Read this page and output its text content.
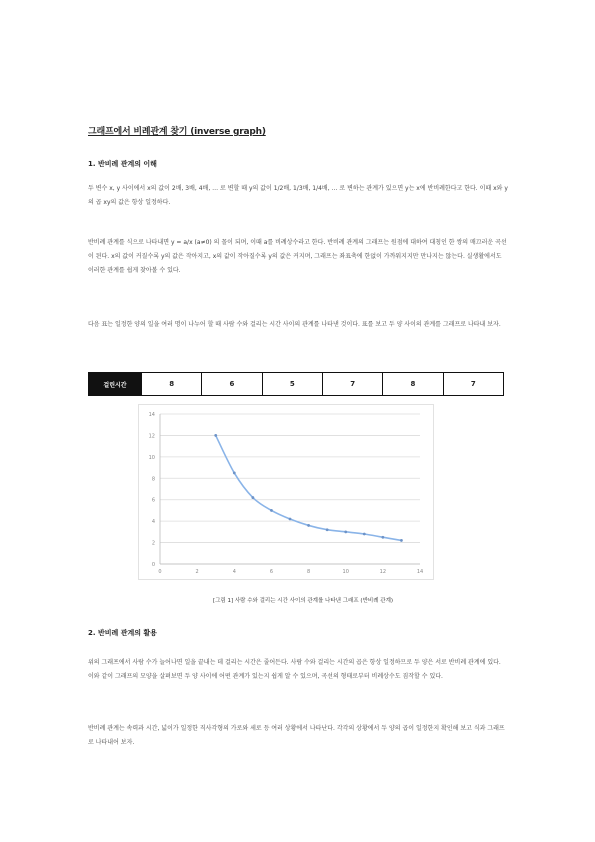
그래프에서 비례관계 찾기 (inverse graph)
1. 반비례 관계의 이해
두 변수 x, y 사이에서 x의 값이 2배, 3배, 4배, … 로 변할 때 y의 값이 1/2배, 1/3배, 1/4배, … 로 변하는 관계가 있으면 y는 x에 반비례한다고 한다. 이때 x와 y의 곱 xy의 값은 항상 일정하다.
반비례 관계를 식으로 나타내면 y = a/x (a≠0) 의 꼴이 되며, 이때 a를 비례상수라고 한다. 반비례 관계의 그래프는 원점에 대하여 대칭인 한 쌍의 매끄러운 곡선이 된다. x의 값이 커질수록 y의 값은 작아지고, x의 값이 작아질수록 y의 값은 커지며, 그래프는 좌표축에 한없이 가까워지지만 만나지는 않는다. 실생활에서도 이러한 관계를 쉽게 찾아볼 수 있다.
다음 표는 일정한 양의 일을 여러 명이 나누어 할 때 사람 수와 걸리는 시간 사이의 관계를 나타낸 것이다. 표를 보고 두 양 사이의 관계를 그래프로 나타내 보자.
걸린시간	8	6	5	7	8	7
0
2
4
6
8
10
12
14
0	2	4	6	8	10	12	14
[그림 1] 사람 수와 걸리는 시간 사이의 관계를 나타낸 그래프 (반비례 관계)
2. 반비례 관계의 활용
위의 그래프에서 사람 수가 늘어나면 일을 끝내는 데 걸리는 시간은 줄어든다. 사람 수와 걸리는 시간의 곱은 항상 일정하므로 두 양은 서로 반비례 관계에 있다. 이와 같이 그래프의 모양을 살펴보면 두 양 사이에 어떤 관계가 있는지 쉽게 알 수 있으며, 곡선의 형태로부터 비례상수도 짐작할 수 있다.
반비례 관계는 속력과 시간, 넓이가 일정한 직사각형의 가로와 세로 등 여러 상황에서 나타난다. 각각의 상황에서 두 양의 곱이 일정한지 확인해 보고 식과 그래프로 나타내어 보자.
